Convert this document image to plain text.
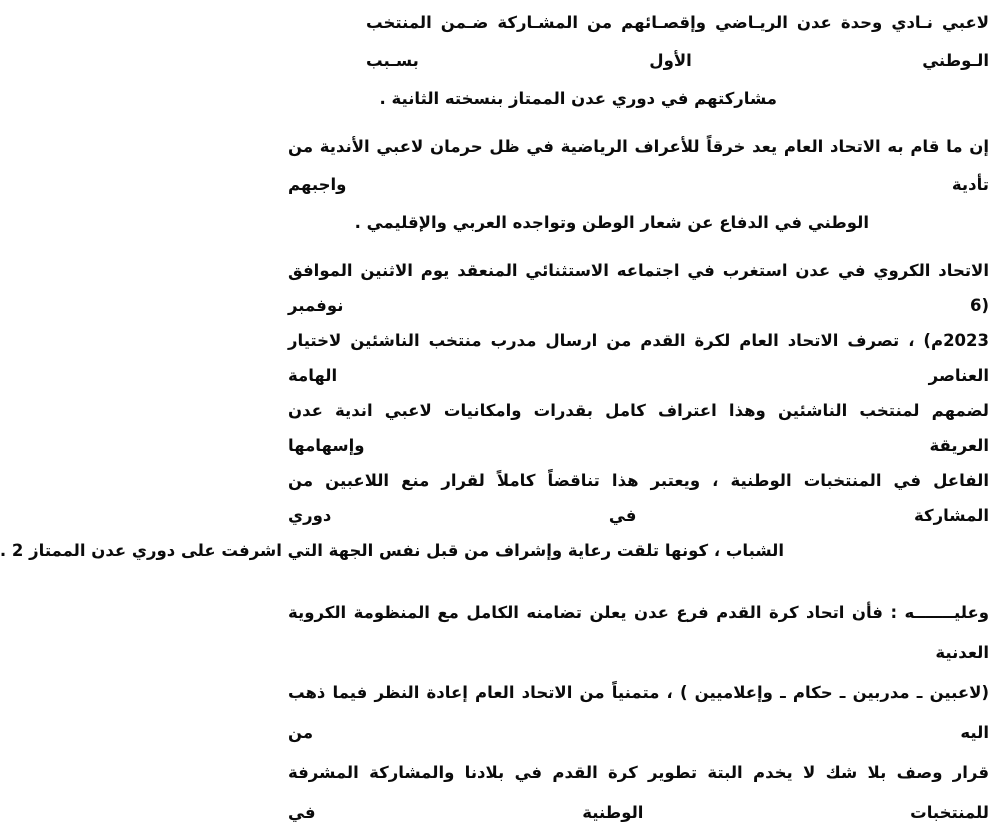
لاعبي نـادي وحدة عدن الريـاضي وإقصـائهم من المشـاركة ضـمن المنتخب الـوطني الأول بسـبب
مشاركتهم في دوري عدن الممتاز بنسخته الثانية .
إن ما قام به الاتحاد العام يعد خرقاً للأعراف الرياضية في ظل حرمان لاعبي الأندية من تأدية واجبهم
الوطني في الدفاع عن شعار الوطن وتواجده العربي والإقليمي .
الاتحاد الكروي في عدن استغرب في اجتماعه الاستثنائي المنعقد يوم الاثنين الموافق (6 نوفمبر
2023م) ، تصرف الاتحاد العام لكرة القدم من ارسال مدرب منتخب الناشئين لاختيار العناصر الهامة
لضمهم لمنتخب الناشئين وهذا اعتراف كامل بقدرات وامكانيات لاعبي اندية عدن العريقة وإسهامها
الفاعل في المنتخبات الوطنية ، ويعتبر هذا تناقضاً كاملاً لقرار منع اللاعبين من المشاركة في دوري
الشباب ، كونها تلقت رعاية وإشراف من قبل نفس الجهة التي اشرفت على دوري عدن الممتاز 2 .
وعليـــــــه : فأن اتحاد كرة القدم فرع عدن يعلن تضامنه الكامل مع المنظومة الكروية العدنية
(لاعبين ـ مدربين ـ حكام ـ وإعلاميين ) ، متمنياً من الاتحاد العام إعادة النظر فيما ذهب اليه من
قرار وصف بلا شك لا يخدم البتة تطوير كرة القدم في بلادنا والمشاركة المشرفة للمنتخبات الوطنية في
